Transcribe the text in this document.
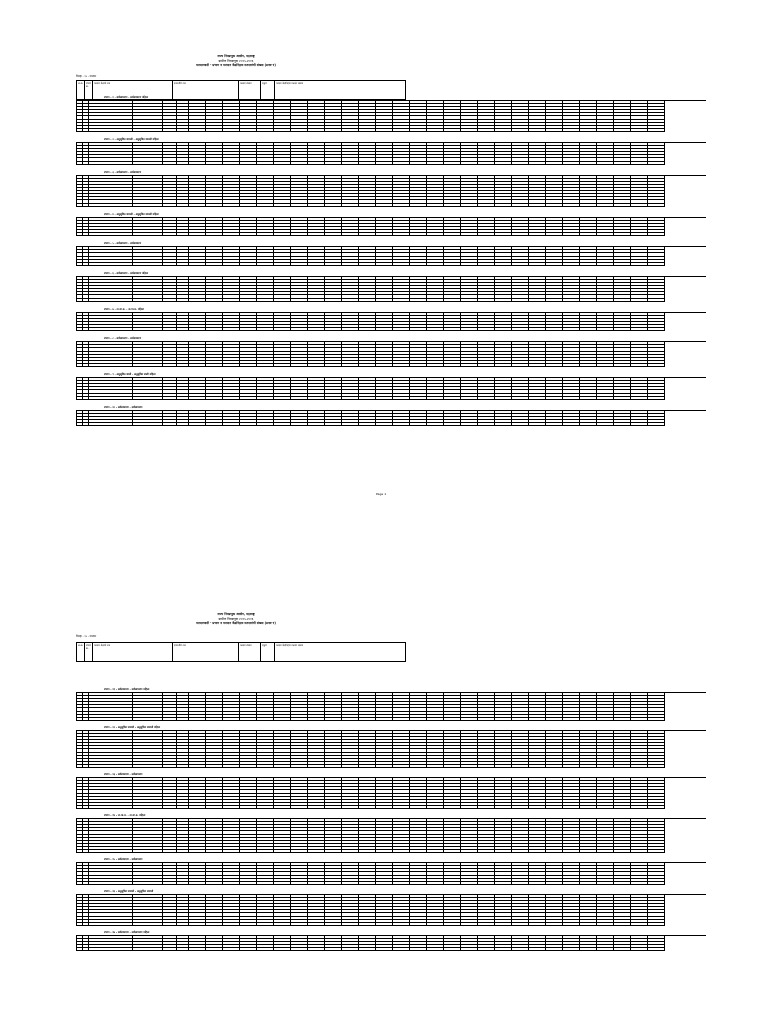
राज्य निवडणूक आयोग, महाराष्ट्र
ग्रामीण निवडणूक २०१५-२०१६
मतदारयादी - प्रभाग व मतदान केंद्रनिहाय मतदारांची संख्या (प्रपत्र-१)
जिल्हा - १५ - पालघर
अ.क्र.	प्रभाग क्र.
मतदान केंद्राचे नाव	इमारतीचे नाव	मतदार संख्या	एकूण	मतदार केंद्रनिहाय मतदार संख्या
प्रभाग - १ - सर्वसाधारण - सर्वसाधारण महिला
प्रभाग - २ - अनुसूचित जमाती - अनुसूचित जमाती महिला
प्रभाग - ३ - सर्वसाधारण - सर्वसाधारण
प्रभाग - ४ - अनुसूचित जमाती - अनुसूचित जमाती महिला
प्रभाग - ५ - सर्वसाधारण - सर्वसाधारण
प्रभाग - ६ - सर्वसाधारण - सर्वसाधारण महिला
प्रभाग - ७ - ना.मा.प्र. - ना.मा.प्र. महिला
प्रभाग - ८ - सर्वसाधारण - सर्वसाधारण
प्रभाग - ९ - अनुसूचित जाती - अनुसूचित जाती महिला
प्रभाग - १० - सर्वसाधारण - सर्वसाधारण
Page 1
राज्य निवडणूक आयोग, महाराष्ट्र
ग्रामीण निवडणूक २०१५-२०१६
मतदारयादी - प्रभाग व मतदान केंद्रनिहाय मतदारांची संख्या (प्रपत्र-१)
जिल्हा - १५ - पालघर
अ.क्र.	प्रभाग क्र.
मतदान केंद्राचे नाव	इमारतीचे नाव	मतदार संख्या	एकूण	मतदार केंद्रनिहाय मतदार संख्या
प्रभाग - ११ - सर्वसाधारण - सर्वसाधारण महिला
प्रभाग - १२ - अनुसूचित जमाती - अनुसूचित जमाती महिला
प्रभाग - १३ - सर्वसाधारण - सर्वसाधारण
प्रभाग - १४ - ना.मा.प्र. - ना.मा.प्र. महिला
प्रभाग - १५ - सर्वसाधारण - सर्वसाधारण
प्रभाग - १६ - अनुसूचित जमाती - अनुसूचित जमाती
प्रभाग - १७ - सर्वसाधारण - सर्वसाधारण महिला
